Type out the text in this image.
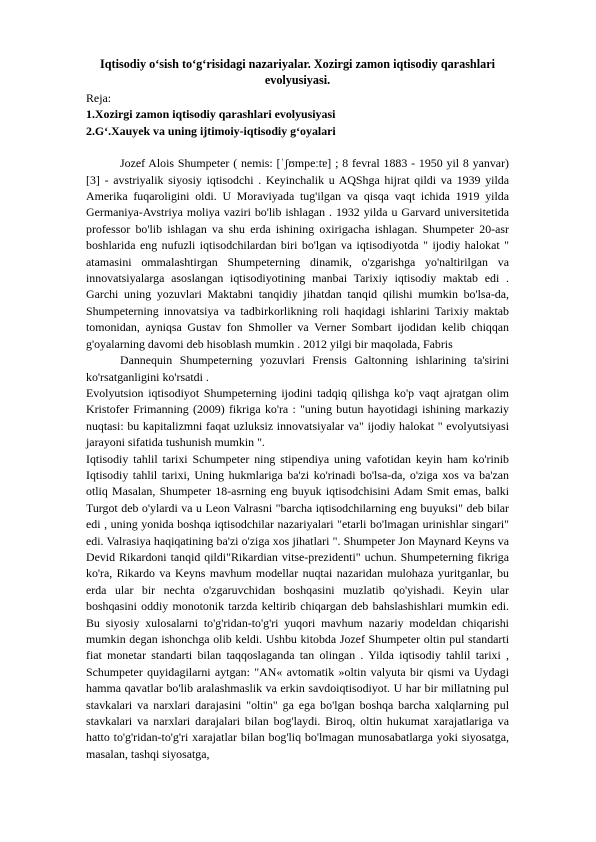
Iqtisodiy o‘sish to‘g‘risidagi nazariyalar. Xozirgi zamon iqtisodiy qarashlari evolyusiyasi.
Reja:
1.Xozirgi zamon iqtisodiy qarashlari evolyusiyasi
2.G‘.Xauyek va uning ijtimoiy-iqtisodiy g‘oyalari

Jozef Alois Shumpeter ( nemis: [ˈʃʊmpeːtɐ] ; 8 fevral 1883 - 1950 yil 8 yanvar) [3] - avstriyalik siyosiy iqtisodchi . Keyinchalik u AQShga hijrat qildi va 1939 yilda Amerika fuqaroligini oldi. U Moraviyada tug'ilgan va qisqa vaqt ichida 1919 yilda Germaniya-Avstriya moliya vaziri bo'lib ishlagan . 1932 yilda u Garvard universitetida professor bo'lib ishlagan va shu erda ishining oxirigacha ishlagan. Shumpeter 20-asr boshlarida eng nufuzli iqtisodchilardan biri bo'lgan va iqtisodiyotda " ijodiy halokat " atamasini ommalashtirgan Shumpeterning dinamik, o'zgarishga yo'naltirilgan va innovatsiyalarga asoslangan iqtisodiyotining manbai Tarixiy iqtisodiy maktab edi . Garchi uning yozuvlari Maktabni tanqidiy jihatdan tanqid qilishi mumkin bo'lsa-da, Shumpeterning innovatsiya va tadbirkorlikning roli haqidagi ishlarini Tarixiy maktab tomonidan, ayniqsa Gustav fon Shmoller va Verner Sombart ijodidan kelib chiqqan g'oyalarning davomi deb hisoblash mumkin . 2012 yilgi bir maqolada, Fabris

Dannequin Shumpeterning yozuvlari Frensis Galtonning ishlarining ta'sirini ko'rsatganligini ko'rsatdi .

Evolyutsion iqtisodiyot Shumpeterning ijodini tadqiq qilishga ko'p vaqt ajratgan olim Kristofer Frimanning (2009) fikriga ko'ra : "uning butun hayotidagi ishining markaziy nuqtasi: bu kapitalizmni faqat uzluksiz innovatsiyalar va" ijodiy halokat " evolyutsiyasi jarayoni sifatida tushunish mumkin ".

Iqtisodiy tahlil tarixi Schumpeter ning stipendiya uning vafotidan keyin ham ko'rinib Iqtisodiy tahlil tarixi, Uning hukmlariga ba'zi ko'rinadi bo'lsa-da, o'ziga xos va ba'zan otliq Masalan, Shumpeter 18-asrning eng buyuk iqtisodchisini Adam Smit emas, balki Turgot deb o'ylardi va u Leon Valrasni "barcha iqtisodchilarning eng buyuksi" deb bilar edi , uning yonida boshqa iqtisodchilar nazariyalari "etarli bo'lmagan urinishlar singari" edi. Valrasiya haqiqatining ba'zi o'ziga xos jihatlari ". Shumpeter Jon Maynard Keyns va Devid Rikardoni tanqid qildi"Rikardian vitse-prezidenti" uchun. Shumpeterning fikriga ko'ra, Rikardo va Keyns mavhum modellar nuqtai nazaridan mulohaza yuritganlar, bu erda ular bir nechta o'zgaruvchidan boshqasini muzlatib qo'yishadi. Keyin ular boshqasini oddiy monotonik tarzda keltirib chiqargan deb bahslashishlari mumkin edi. Bu siyosiy xulosalarni to'g'ridan-to'g'ri yuqori mavhum nazariy modeldan chiqarishi mumkin degan ishonchga olib keldi. Ushbu kitobda Jozef Shumpeter oltin pul standarti fiat monetar standarti bilan taqqoslaganda tan olingan . Yilda iqtisodiy tahlil tarixi , Schumpeter quyidagilarni aytgan: "AN« avtomatik »oltin valyuta bir qismi va Uydagi hamma qavatlar bo'lib aralashmaslik va erkin savdoiqtisodiyot. U har bir millatning pul stavkalari va narxlari darajasini "oltin" ga ega bo'lgan boshqa barcha xalqlarning pul stavkalari va narxlari darajalari bilan bog'laydi. Biroq, oltin hukumat xarajatlariga va hatto to'g'ridan-to'g'ri xarajatlar bilan bog'liq bo'lmagan munosabatlarga yoki siyosatga, masalan, tashqi siyosatga,
